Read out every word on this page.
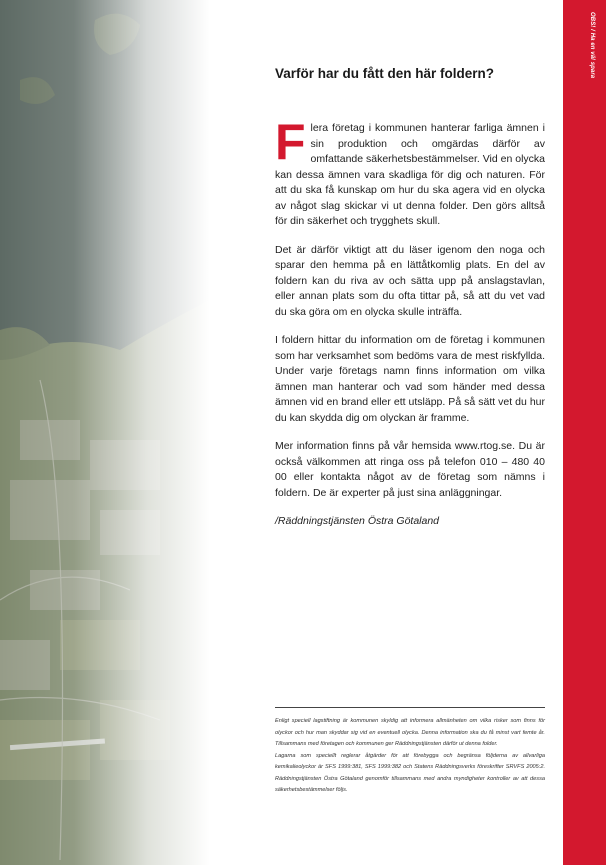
OBS! / Ha en väl spara
Varför har du fått den här foldern?

Flera företag i kommunen hanterar farliga ämnen i sin produktion och omgärdas därför av omfattande säkerhetsbestämmelser. Vid en olycka kan dessa ämnen vara skadliga för dig och naturen. För att du ska få kunskap om hur du ska agera vid en olycka av något slag skickar vi ut denna folder. Den görs alltså för din säkerhet och trygghets skull.

Det är därför viktigt att du läser igenom den noga och sparar den hemma på en lättåtkomlig plats. En del av foldern kan du riva av och sätta upp på anslagstavlan, eller annan plats som du ofta tittar på, så att du vet vad du ska göra om en olycka skulle inträffa.

I foldern hittar du information om de företag i kommunen som har verksamhet som bedöms vara de mest riskfyllda. Under varje företags namn finns information om vilka ämnen man hanterar och vad som händer med dessa ämnen vid en brand eller ett utsläpp. På så sätt vet du hur du kan skydda dig om olyckan är framme.

Mer information finns på vår hemsida www.rtog.se. Du är också välkommen att ringa oss på telefon 010 – 480 40 00 eller kontakta något av de företag som nämns i foldern. De är experter på just sina anläggningar.

/Räddningstjänsten Östra Götaland

Enligt speciell lagstiftning är kommunen skyldig att informera allmänheten om vilka risker som finns för olyckor och hur man skyddar sig vid en eventuell olycka. Denna information ska du få minst vart femte år. Tillsammans med företagen och kommunen ger Räddningstjänsten därför ut denna folder.

Lagarna som speciellt reglerar åtgärder för att förebygga och begränsa följderna av allvarliga kemikalieolyckor är SFS 1999:381, SFS 1999:382 och Statens Räddningsverks föreskrifter SRVFS 2005:2. Räddningstjänsten Östra Götaland genomför tillsammans med andra myndigheter kontroller av att dessa säkerhetsbestämmelser följs.
